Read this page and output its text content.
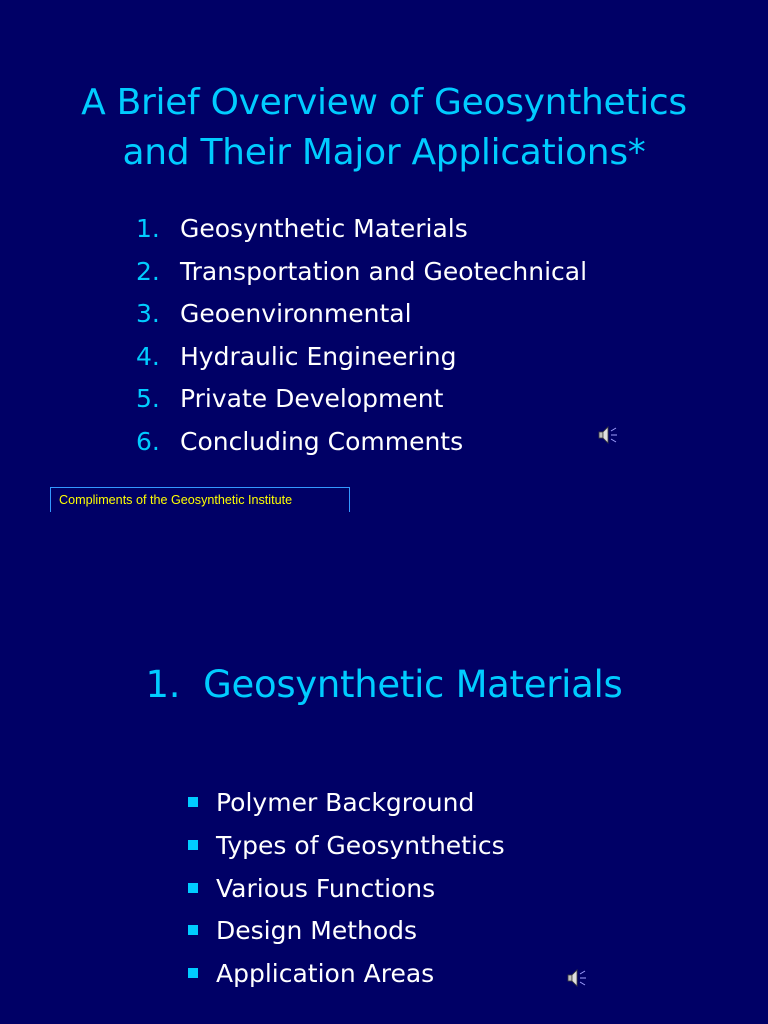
A Brief Overview of Geosynthetics
and Their Major Applications*
1. Geosynthetic Materials
2. Transportation and Geotechnical
3. Geoenvironmental
4. Hydraulic Engineering
5. Private Development
6. Concluding Comments
Compliments of the Geosynthetic Institute
1.  Geosynthetic Materials
Polymer Background
Types of Geosynthetics
Various Functions
Design Methods
Application Areas
